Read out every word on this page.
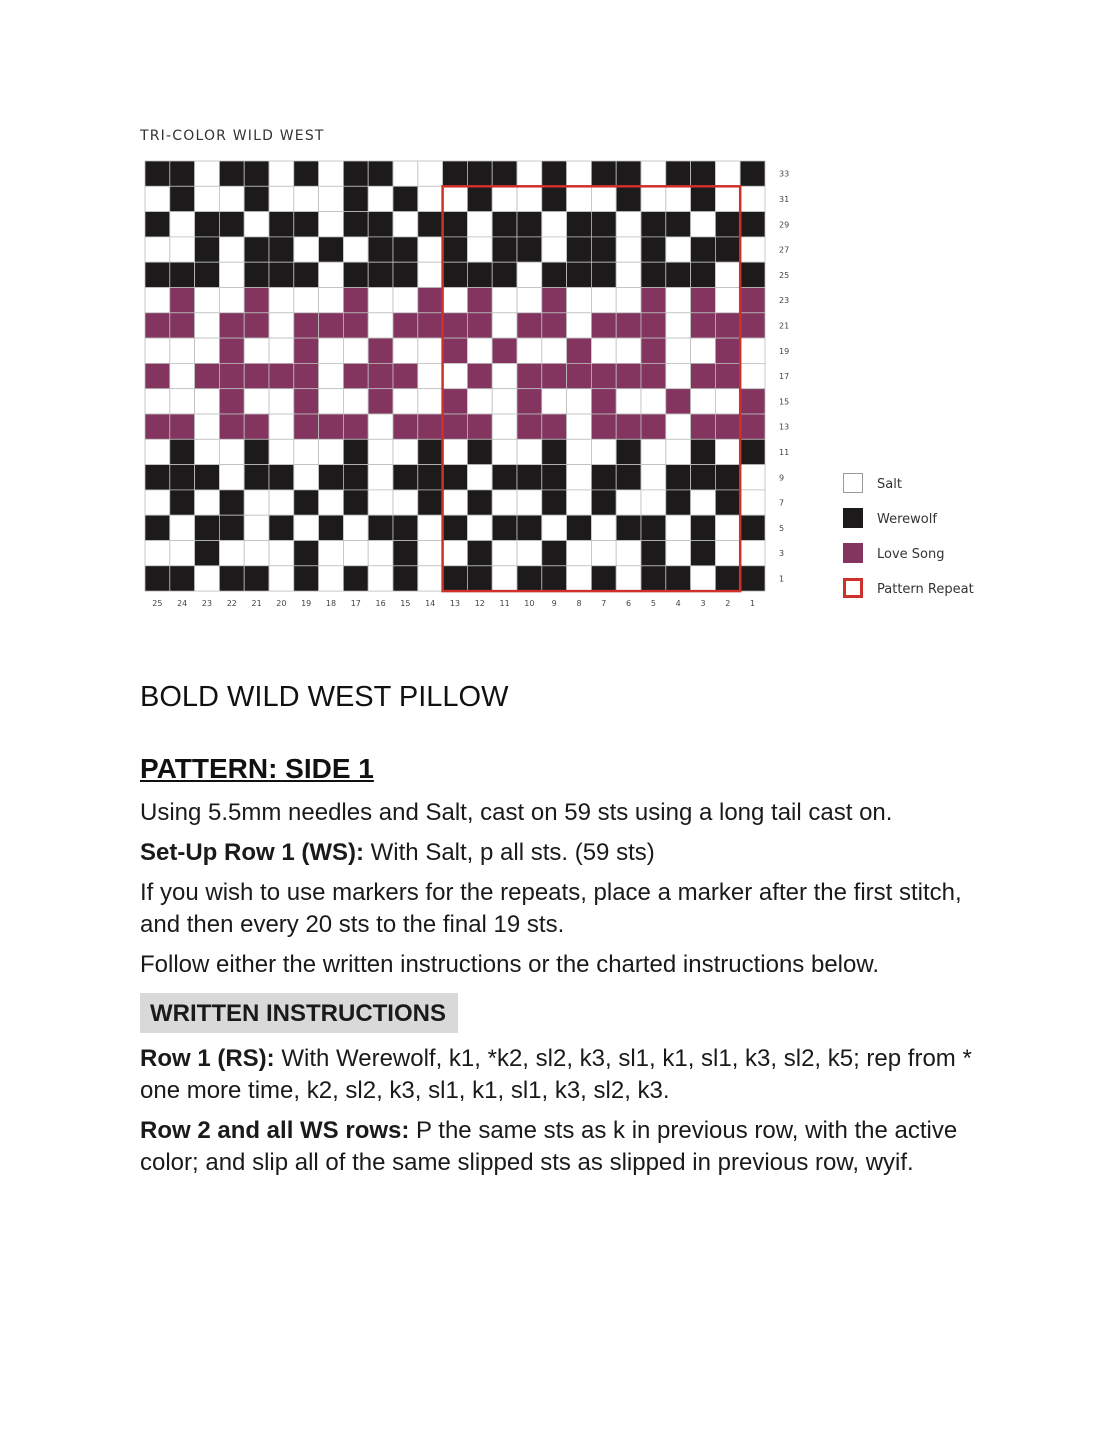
TRI-COLOR WILD WEST
33
31
29
27
25
23
21
19
17
15
13
11
9
7
5
3
1
25 24 23 22 21 20 19 18 17 16 15 14 13 12 11 10 9 8 7 6 5 4 3 2 1
Salt
Werewolf
Love Song
Pattern Repeat
BOLD WILD WEST PILLOW
PATTERN: SIDE 1

Using 5.5mm needles and Salt, cast on 59 sts using a long tail cast on.

Set-Up Row 1 (WS): With Salt, p all sts. (59 sts)

If you wish to use markers for the repeats, place a marker after the first stitch, and then every 20 sts to the final 19 sts.

Follow either the written instructions or the charted instructions below.

WRITTEN INSTRUCTIONS

Row 1 (RS): With Werewolf, k1, *k2, sl2, k3, sl1, k1, sl1, k3, sl2, k5; rep from * one more time, k2, sl2, k3, sl1, k1, sl1, k3, sl2, k3.

Row 2 and all WS rows: P the same sts as k in previous row, with the active color; and slip all of the same slipped sts as slipped in previous row, wyif.
